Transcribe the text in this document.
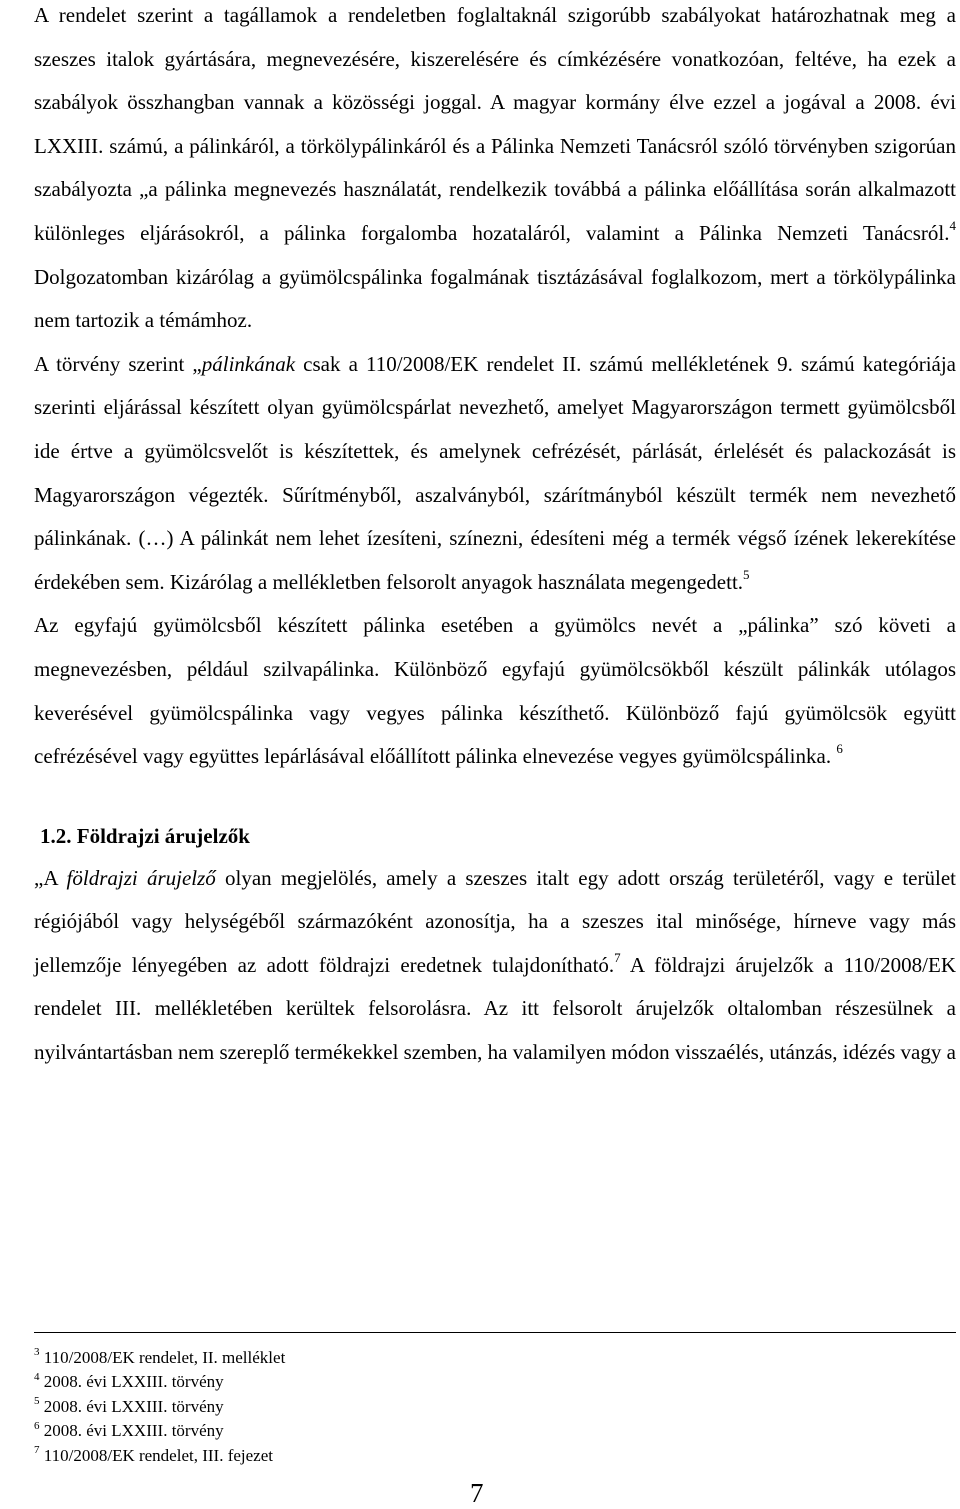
A rendelet szerint a tagállamok a rendeletben foglaltaknál szigorúbb szabályokat határozhatnak meg a szeszes italok gyártására, megnevezésére, kiszerelésére és címkézésére vonatkozóan, feltéve, ha ezek a szabályok összhangban vannak a közösségi joggal. A magyar kormány élve ezzel a jogával a 2008. évi LXXIII. számú, a pálinkáról, a törkölypálinkáról és a Pálinka Nemzeti Tanácsról szóló törvényben szigorúan szabályozta „a pálinka megnevezés használatát, rendelkezik továbbá a pálinka előállítása során alkalmazott különleges eljárásokról, a pálinka forgalomba hozataláról, valamint a Pálinka Nemzeti Tanácsról.$^4$ Dolgozatomban kizárólag a gyümölcspálinka fogalmának tisztázásával foglalkozom, mert a törkölypálinka nem tartozik a témámhoz.

A törvény szerint „pálinkának csak a 110/2008/EK rendelet II. számú mellékletének 9. számú kategóriája szerinti eljárással készített olyan gyümölcspárlat nevezhető, amelyet Magyarországon termett gyümölcsből ide értve a gyümölcsvelőt is készítettek, és amelynek cefrézését, párlását, érlelését és palackozását is Magyarországon végezték. Sűrítményből, aszalványból, szárítmányból készült termék nem nevezhető pálinkának. (…) A pálinkát nem lehet ízesíteni, színezni, édesíteni még a termék végső ízének lekerekítése érdekében sem. Kizárólag a mellékletben felsorolt anyagok használata megengedett.$^5$

Az egyfajú gyümölcsből készített pálinka esetében a gyümölcs nevét a „pálinka” szó követi a megnevezésben, például szilvapálinka. Különböző egyfajú gyümölcsökből készült pálinkák utólagos keverésével gyümölcspálinka vagy vegyes pálinka készíthető. Különböző fajú gyümölcsök együtt cefrézésével vagy együttes lepárlásával előállított pálinka elnevezése vegyes gyümölcspálinka. $^6$

1.2. Földrajzi árujelzők

„A földrajzi árujelző olyan megjelölés, amely a szeszes italt egy adott ország területéről, vagy e terület régiójából vagy helységéből származóként azonosítja, ha a szeszes ital minősége, hírneve vagy más jellemzője lényegében az adott földrajzi eredetnek tulajdonítható.$^7$ A földrajzi árujelzők a 110/2008/EK rendelet III. mellékletében kerültek felsorolásra. Az itt felsorolt árujelzők oltalomban részesülnek a nyilvántartásban nem szereplő termékekkel szemben, ha valamilyen módon visszaélés, utánzás, idézés vagy a

$^3$ 110/2008/EK rendelet, II. melléklet
$^4$ 2008. évi LXXIII. törvény
$^5$ 2008. évi LXXIII. törvény
$^6$ 2008. évi LXXIII. törvény
$^7$ 110/2008/EK rendelet, III. fejezet
7
